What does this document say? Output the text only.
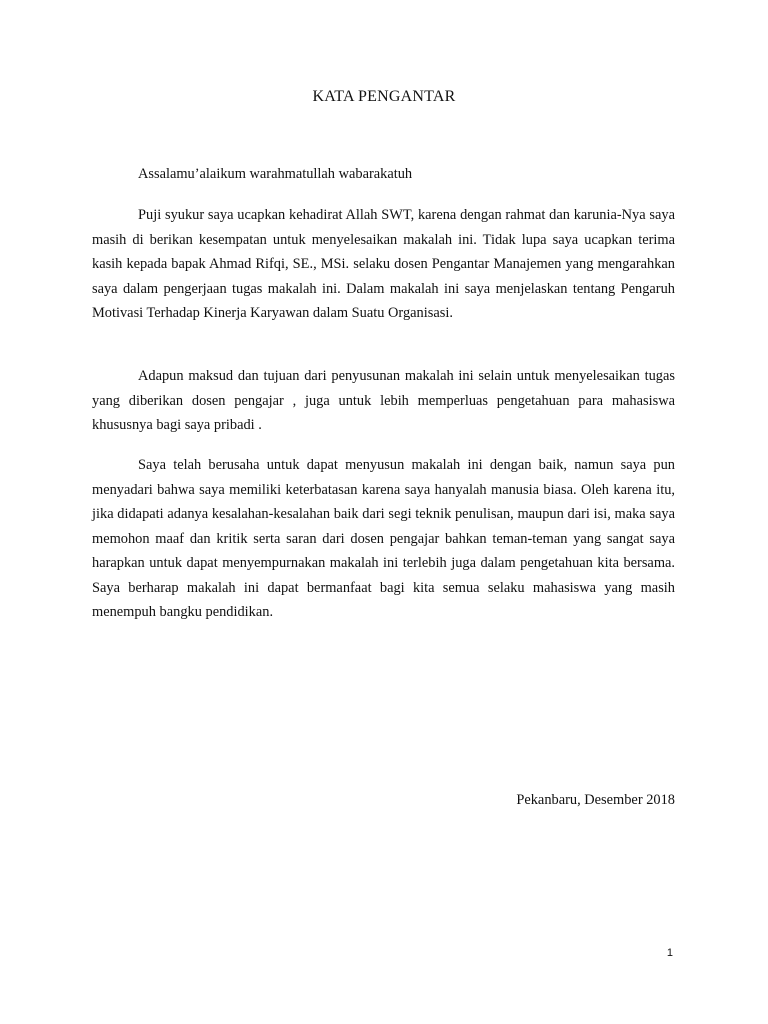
KATA PENGANTAR
Assalamu’alaikum warahmatullah wabarakatuh

Puji syukur saya ucapkan kehadirat Allah SWT, karena dengan rahmat dan karunia-Nya saya masih di berikan kesempatan untuk menyelesaikan makalah ini. Tidak lupa saya ucapkan terima kasih kepada bapak Ahmad Rifqi, SE., MSi. selaku dosen Pengantar Manajemen yang mengarahkan saya dalam pengerjaan tugas makalah ini. Dalam makalah ini saya menjelaskan tentang Pengaruh Motivasi Terhadap Kinerja Karyawan dalam Suatu Organisasi.

Adapun maksud dan tujuan dari penyusunan makalah ini selain untuk menyelesaikan tugas yang diberikan dosen pengajar , juga untuk lebih memperluas pengetahuan para mahasiswa khususnya bagi saya pribadi .

Saya telah berusaha untuk dapat menyusun makalah ini dengan baik, namun saya pun menyadari bahwa saya memiliki keterbatasan karena saya hanyalah manusia biasa. Oleh karena itu, jika didapati adanya kesalahan-kesalahan baik dari segi teknik penulisan, maupun dari isi, maka saya memohon maaf dan kritik serta saran dari dosen pengajar bahkan teman-teman yang sangat saya harapkan untuk dapat menyempurnakan makalah ini terlebih juga dalam pengetahuan kita bersama. Saya berharap makalah ini dapat bermanfaat bagi kita semua selaku mahasiswa yang masih menempuh bangku pendidikan.

Pekanbaru, Desember 2018
1
